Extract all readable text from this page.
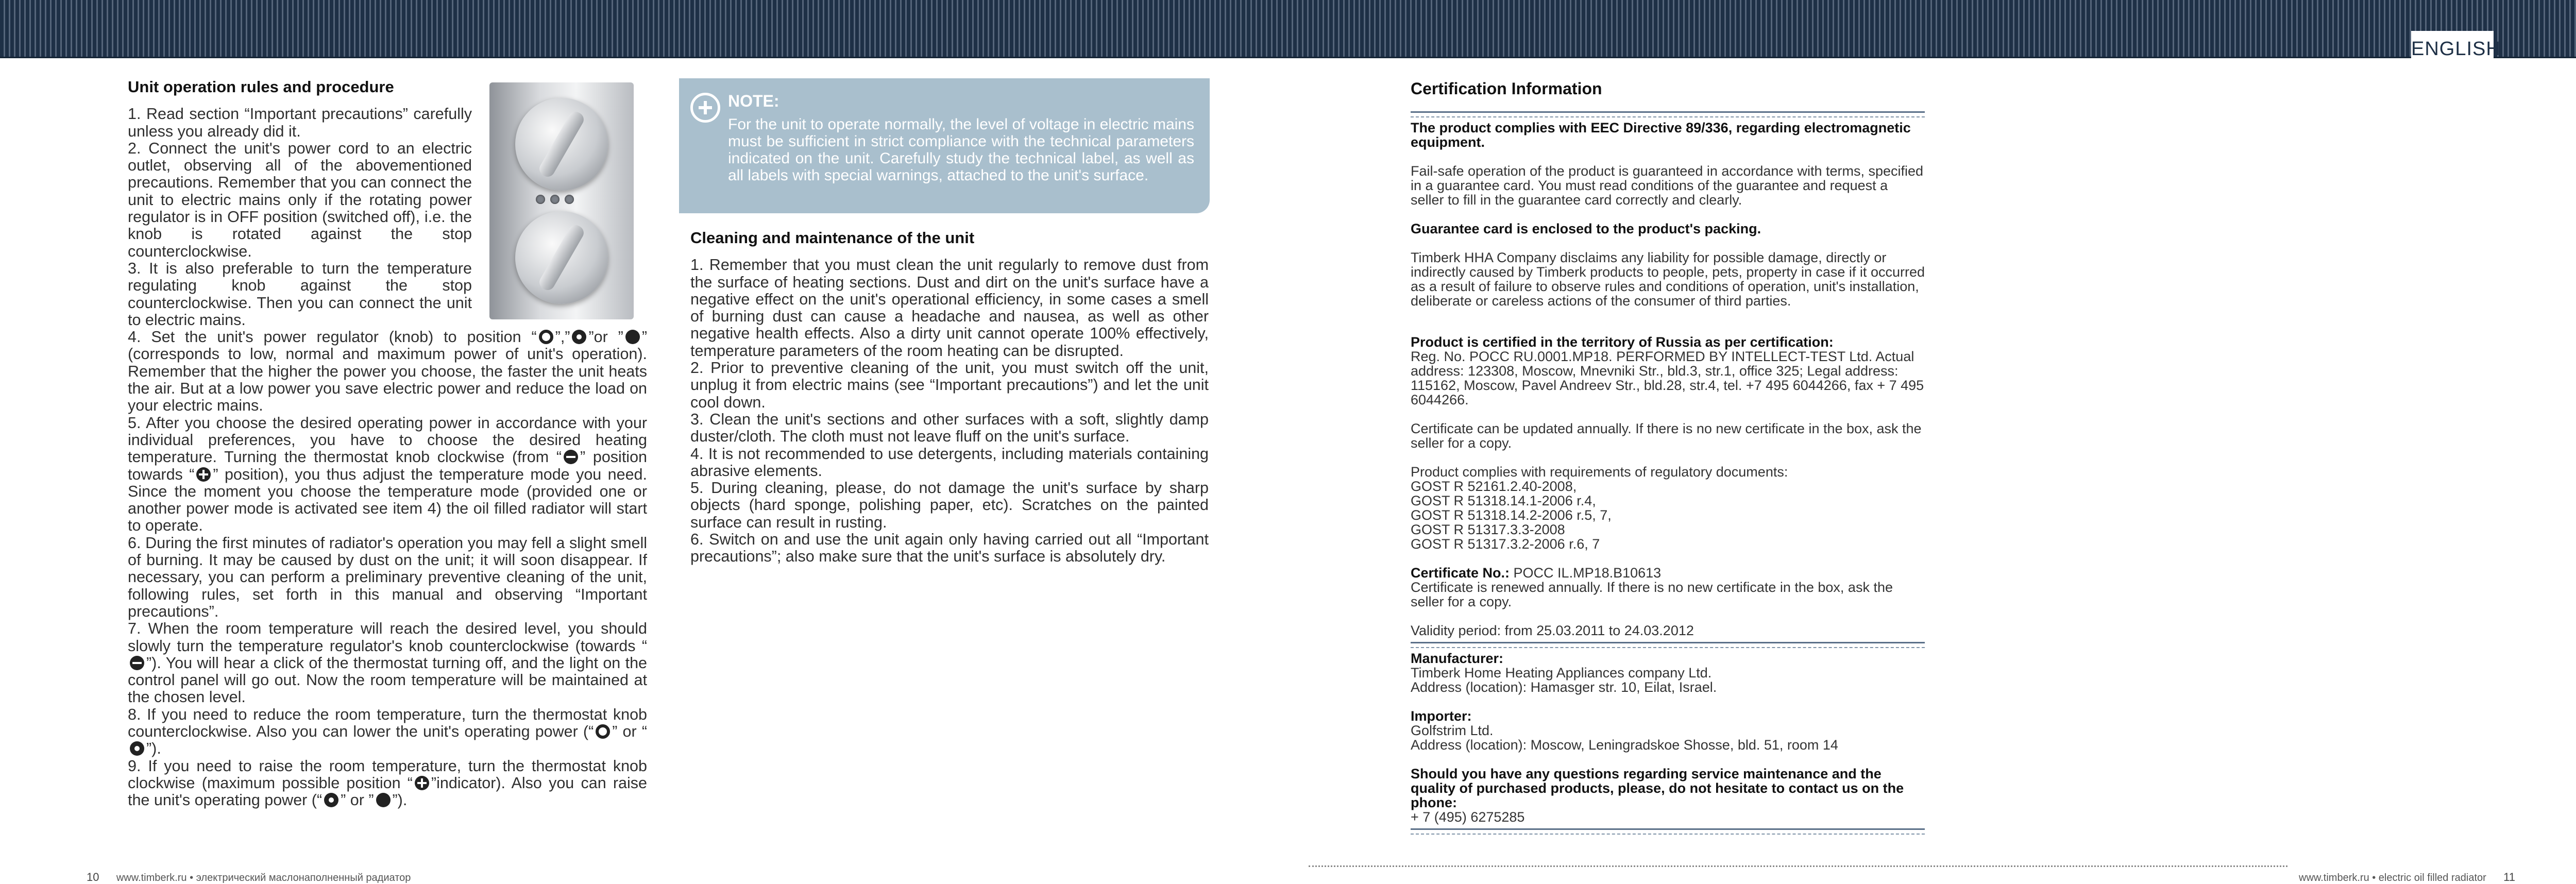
ENGLISH
Unit operation rules and procedure

1. Read section “Important precautions” carefully unless you already did it.

2. Connect the unit's power cord to an electric outlet, observing all of the abovementioned precautions. Remember that you can connect the unit to electric mains only if the rotating power regulator is in OFF position (switched off), i.e. the knob is rotated against the stop counterclockwise.

3. It is also preferable to turn the temperature regulating knob against the stop counterclockwise. Then you can connect the unit to electric mains.

4. Set the unit's power regulator (knob) to position “ ”,” ”or ” ” (corresponds to low, normal and maximum power of unit's operation). Remember that the higher the power you choose, the faster the unit heats the air. But at a low power you save electric power and reduce the load on your electric mains.

5. After you choose the desired operating power in accordance with your individual preferences, you have to choose the desired heating temperature. Turning the thermostat knob clockwise (from “ ” position towards “ ” position), you thus adjust the temperature mode you need. Since the moment you choose the temperature mode (provided one or another power mode is activated see item 4) the oil filled radiator will start to operate.

6. During the first minutes of radiator's operation you may fell a slight smell of burning. It may be caused by dust on the unit; it will soon disappear. If necessary, you can perform a preliminary preventive cleaning of the unit, following rules, set forth in this manual and observing “Important precautions”.

7. When the room temperature will reach the desired level, you should slowly turn the temperature regulator's knob counterclockwise (towards “”). You will hear a click of the thermostat turning off, and the light on the control panel will go out. Now the room temperature will be maintained at the chosen level.

8. If you need to reduce the room temperature, turn the thermostat knob counterclockwise. Also you can lower the unit's operating power (“ ” or “”).

9. If you need to raise the room temperature, turn the thermostat knob clockwise (maximum possible position “ ”indicator). Also you can raise the unit's operating power (“ ” or ” ”).

NOTE:
For the unit to operate normally, the level of voltage in electric mains must be sufficient in strict compliance with the technical parameters indicated on the unit. Carefully study the technical label, as well as all labels with special warnings, attached to the unit's surface.
Cleaning and maintenance of the unit

1. Remember that you must clean the unit regularly to remove dust from the surface of heating sections. Dust and dirt on the unit's surface have a negative effect on the unit's operational efficiency, in some cases a smell of burning dust can cause a headache and nausea, as well as other negative health effects. Also a dirty unit cannot operate 100% effectively, temperature parameters of the room heating can be disrupted.

2. Prior to preventive cleaning of the unit, you must switch off the unit, unplug it from electric mains (see “Important precautions”) and let the unit cool down.

3. Clean the unit's sections and other surfaces with a soft, slightly damp duster/cloth. The cloth must not leave fluff on the unit's surface.

4. It is not recommended to use detergents, including materials containing abrasive elements.

5. During cleaning, please, do not damage the unit's surface by sharp objects (hard sponge, polishing paper, etc). Scratches on the painted surface can result in rusting.

6. Switch on and use the unit again only having carried out all “Important precautions”; also make sure that the unit's surface is absolutely dry.

Certification Information

The product complies with EEC Directive 89/336, regarding electromagnetic equipment.

Fail-safe operation of the product is guaranteed in accordance with terms, specified in a guarantee card. You must read conditions of the guarantee and request a seller to fill in the guarantee card correctly and clearly.

Guarantee card is enclosed to the product's packing.

Timberk HHA Company disclaims any liability for possible damage, directly or indirectly caused by Timberk products to people, pets, property in case if it occurred as a result of failure to observe rules and conditions of operation, unit's installation, deliberate or careless actions of the consumer of third parties.

Product is certified in the territory of Russia as per certification:

Reg. No. POCC RU.0001.MP18. PERFORMED BY INTELLECT-TEST Ltd. Actual address: 123308, Moscow, Mnevniki Str., bld.3, str.1, office 325; Legal address: 115162, Moscow, Pavel Andreev Str., bld.28, str.4, tel. +7 495 6044266, fax + 7 495 6044266.

Certificate can be updated annually. If there is no new certificate in the box, ask the seller for a copy.

Product complies with requirements of regulatory documents:

GOST R 52161.2.40-2008,

GOST R 51318.14.1-2006 r.4,

GOST R 51318.14.2-2006 r.5, 7,

GOST R 51317.3.3-2008

GOST R 51317.3.2-2006 r.6, 7

Certificate No.: POCC IL.MP18.B10613

Certificate is renewed annually. If there is no new certificate in the box, ask the seller for a copy.

Validity period: from 25.03.2011 to 24.03.2012

Manufacturer:

Timberk Home Heating Appliances company Ltd.

Address (location): Hamasger str. 10, Eilat, Israel.

Importer:

Golfstrim Ltd.

Address (location): Moscow, Leningradskoe Shosse, bld. 51, room 14

Should you have any questions regarding service maintenance and the quality of purchased products, please, do not hesitate to contact us on the phone:

+ 7 (495) 6275285

10 www.timberk.ru • электрический маслонаполненный радиатор	www.timberk.ru • electric oil filled radiator 11
